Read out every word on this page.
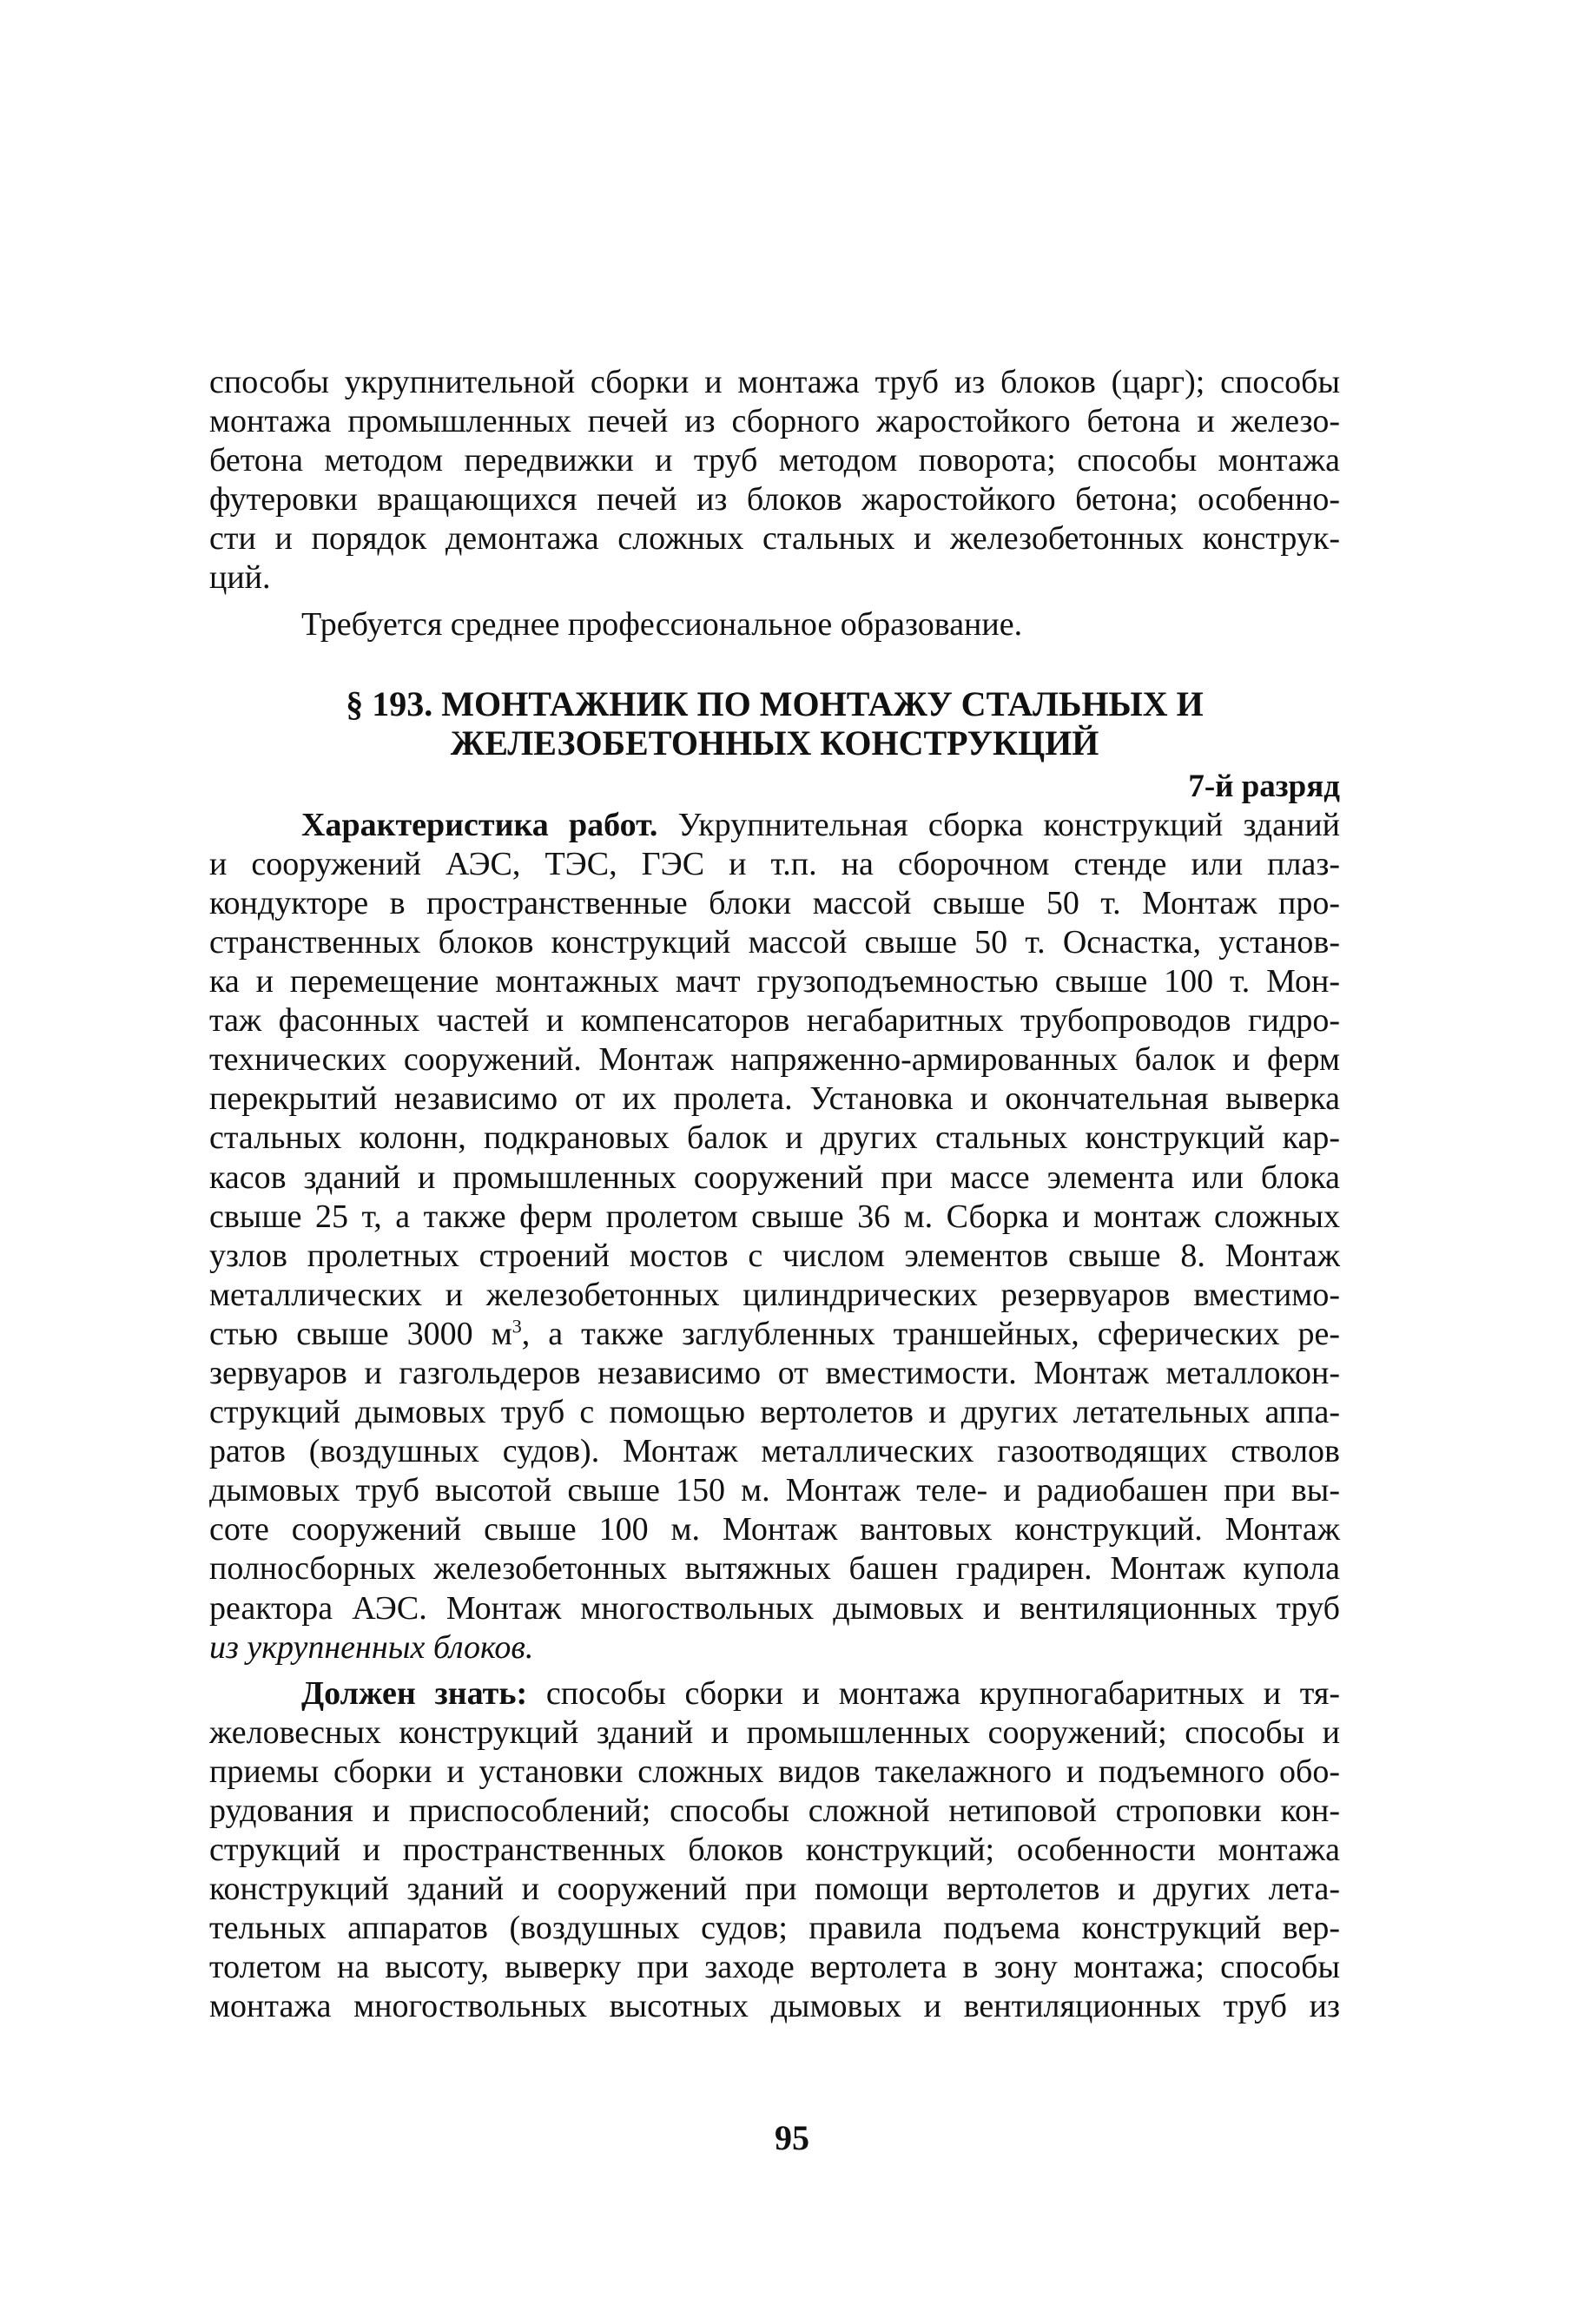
способы укрупнительной сборки и монтажа труб из блоков (царг); способы

монтажа промышленных печей из сборного жаростойкого бетона и железо-

бетона методом передвижки и труб методом поворота; способы монтажа

футеровки вращающихся печей из блоков жаростойкого бетона; особенно-

сти и порядок демонтажа сложных стальных и железобетонных конструк-

ций.

Требуется среднее профессиональное образование.

§ 193. МОНТАЖНИК ПО МОНТАЖУ СТАЛЬНЫХ И
ЖЕЛЕЗОБЕТОННЫХ КОНСТРУКЦИЙ
7-й разряд

Характеристика работ. Укрупнительная сборка конструкций зданий

и сооружений АЭС, ТЭС, ГЭС и т.п. на сборочном стенде или плаз-

кондукторе в пространственные блоки массой свыше 50 т. Монтаж про-

странственных блоков конструкций массой свыше 50 т. Оснастка, установ-

ка и перемещение монтажных мачт грузоподъемностью свыше 100 т. Мон-

таж фасонных частей и компенсаторов негабаритных трубопроводов гидро-

технических сооружений. Монтаж напряженно-армированных балок и ферм

перекрытий независимо от их пролета. Установка и окончательная выверка

стальных колонн, подкрановых балок и других стальных конструкций кар-

касов зданий и промышленных сооружений при массе элемента или блока

свыше 25 т, а также ферм пролетом свыше 36 м. Сборка и монтаж сложных

узлов пролетных строений мостов с числом элементов свыше 8. Монтаж

металлических и железобетонных цилиндрических резервуаров вместимо-

стью свыше 3000 $м^3$, а также заглубленных траншейных, сферических ре-

зервуаров и газгольдеров независимо от вместимости. Монтаж металлокон-

струкций дымовых труб с помощью вертолетов и других летательных аппа-

ратов (воздушных судов). Монтаж металлических газоотводящих стволов

дымовых труб высотой свыше 150 м. Монтаж теле- и радиобашен при вы-

соте сооружений свыше 100 м. Монтаж вантовых конструкций. Монтаж

полносборных железобетонных вытяжных башен градирен. Монтаж купола

реактора АЭС. Монтаж многоствольных дымовых и вентиляционных труб

из укрупненных блоков.

Должен знать: способы сборки и монтажа крупногабаритных и тя-

желовесных конструкций зданий и промышленных сооружений; способы и

приемы сборки и установки сложных видов такелажного и подъемного обо-

рудования и приспособлений; способы сложной нетиповой строповки кон-

струкций и пространственных блоков конструкций; особенности монтажа

конструкций зданий и сооружений при помощи вертолетов и других лета-

тельных аппаратов (воздушных судов; правила подъема конструкций вер-

толетом на высоту, выверку при заходе вертолета в зону монтажа; способы

монтажа многоствольных высотных дымовых и вентиляционных труб из

95
